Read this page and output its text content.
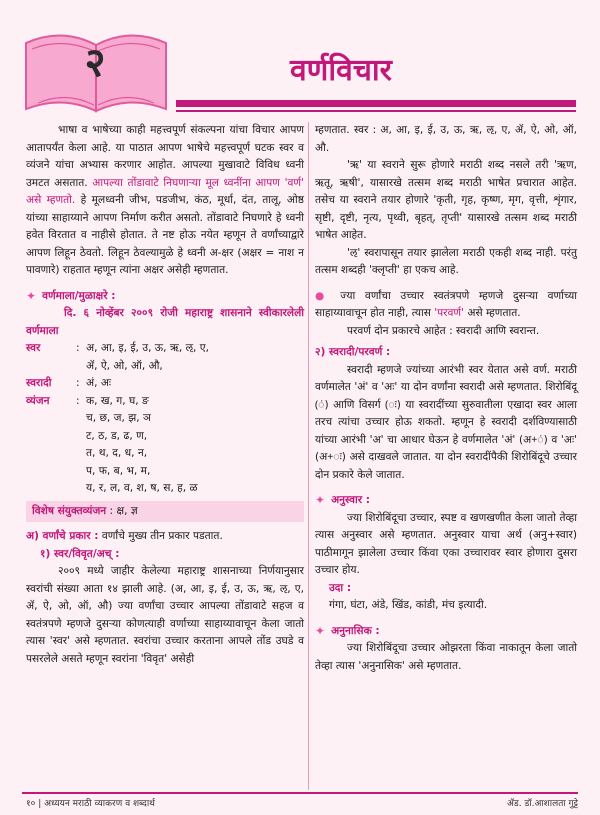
२	वर्णविचार

भाषा व भाषेच्या काही महत्त्वपूर्ण संकल्पना यांचा विचार आपण आतापर्यंत केला आहे. या पाठात आपण भाषेचे महत्त्वपूर्ण घटक स्वर व व्यंजने यांचा अभ्यास करणार आहोत. आपल्या मुखावाटे विविध ध्वनी उमटत असतात. आपल्या तोंडावाटे निघणाऱ्या मूल ध्वनींना आपण 'वर्ण' असे म्हणतो. हे मूलध्वनी जीभ, पडजीभ, कंठ, मूर्धा, दंत, तालू, ओष्ठ यांच्या साहाय्याने आपण निर्माण करीत असतो. तोंडावाटे निघणारे हे ध्वनी हवेत विरतात व नाहीसे होतात. ते नष्ट होऊ नयेत म्हणून ते वर्णांच्याद्वारे आपण लिहून ठेवतो. लिहून ठेवल्यामुळे हे ध्वनी अ-क्षर (अक्षर = नाश न पावणारे) राहतात म्हणून त्यांना अक्षर असेही म्हणतात.

✦ वर्णमाला/मुळाक्षरे :

दि. ६ नोव्हेंबर २००९ रोजी महाराष्ट्र शासनाने स्वीकारलेली वर्णमाला

स्वर	: अ, आ, इ, ई, उ, ऊ, ऋ, ऌ, ए,
ॲ, ऐ, ओ, ऑ, औ,
स्वरादी	: अं, अः
व्यंजन	: क, ख, ग, घ, ङ
च, छ, ज, झ, ञ
ट, ठ, ड, ढ, ण,
त, थ, द, ध, न,
प, फ, ब, भ, म,
य, र, ल, व, श, ष, स, ह, ळ
विशेष संयुक्तव्यंजन : क्ष, ज्ञ
अ) वर्णांचे प्रकार : वर्णांचे मुख्य तीन प्रकार पडतात.
१) स्वर/विवृत/अच् :

२००९ मध्ये जाहीर केलेल्या महाराष्ट्र शासनाच्या निर्णयानुसार स्वरांची संख्या आता १४ झाली आहे. (अ, आ, इ, ई, उ, ऊ, ऋ, ऌ, ए, ॲ, ऐ, ओ, ऑ, औ) ज्या वर्णांचा उच्चार आपल्या तोंडावाटे सहज व स्वतंत्रपणे म्हणजे दुसऱ्या कोणत्याही वर्णाच्या साहाय्यावाचून केला जातो त्यास 'स्वर' असे म्हणतात. स्वरांचा उच्चार करताना आपले तोंड उघडे व पसरलेले असते म्हणून स्वरांना 'विवृत' असेही

म्हणतात. स्वर : अ, आ, इ, ई, उ, ऊ, ऋ, ऌ, ए, ॲ, ऐ, ओ, ऑ, औ.

'ऋ' या स्वराने सुरू होणारे मराठी शब्द नसले तरी 'ऋण, ऋतू, ऋषी', यासारखे तत्सम शब्द मराठी भाषेत प्रचारात आहेत. तसेच या स्वराने तयार होणारे 'कृती, गृह, कृष्ण, मृग, वृत्ती, शृंगार, सृष्टी, दृष्टी, नृत्य, पृथ्वी, बृहत्, तृप्ती' यासारखे तत्सम शब्द मराठी भाषेत आहेत.

'ऌ' स्वरापासून तयार झालेला मराठी एकही शब्द नाही. परंतु तत्सम शब्दही 'क्लृप्ती' हा एकच आहे.

● ज्या वर्णांचा उच्चार स्वतंत्रपणे म्हणजे दुसऱ्या वर्णाच्या साहाय्यावाचून होत नाही, त्यास 'परवर्ण' असे म्हणतात.

परवर्ण दोन प्रकारचे आहेत : स्वरादी आणि स्वरान्त.

२) स्वरादी/परवर्ण :

स्वरादी म्हणजे ज्यांच्या आरंभी स्वर येतात असे वर्ण. मराठी वर्णमालेत 'अं' व 'अः' या दोन वर्णांना स्वरादी असे म्हणतात. शिरोबिंदू (ं) आणि विसर्ग (ः) या स्वरादींच्या सुरुवातीला एखादा स्वर आला तरच त्यांचा उच्चार होऊ शकतो. म्हणून हे स्वरादी दर्शविण्यासाठी यांच्या आरंभी 'अ' चा आधार घेऊन हे वर्णमालेत 'अं' (अ+ं) व 'अः' (अ+ः) असे दाखवले जातात. या दोन स्वरादींपैकी शिरोबिंदूचे उच्चार दोन प्रकारे केले जातात.

✦ अनुस्वार :

ज्या शिरोबिंदूचा उच्चार, स्पष्ट व खणखणीत केला जातो तेव्हा त्यास अनुस्वार असे म्हणतात. अनुस्वार याचा अर्थ (अनु+स्वार) पाठीमागून झालेला उच्चार किंवा एका उच्चारावर स्वार होणारा दुसरा उच्चार होय.

उदा :

गंगा, घंटा, अंडे, खिंड, कांडी, मंच इत्यादी.

✦ अनुनासिक :

ज्या शिरोबिंदूचा उच्चार ओझरता किंवा नाकातून केला जातो तेव्हा त्यास 'अनुनासिक' असे म्हणतात.

१० | अध्ययन मराठी व्याकरण व शब्दार्थ	ॲड. डॉ.आशालता गुट्टे
